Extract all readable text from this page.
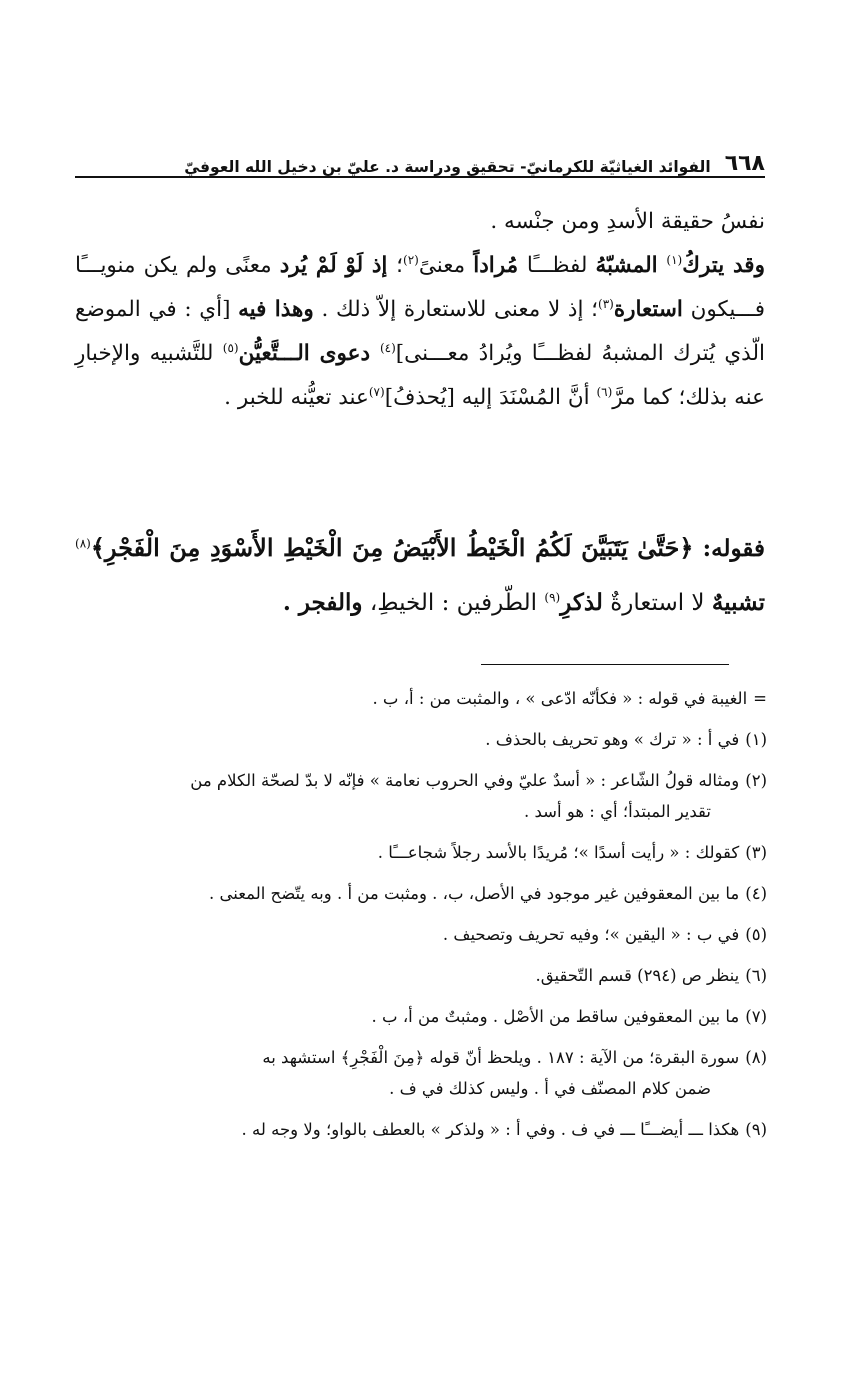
٦٦٨
الفوائد الغياثيّة للكرمانيّ- تحقيق ودراسة د. عليّ بن دخيل الله العوفيّ

نفسُ حقيقة الأسدِ ومن جنْسه .

وقد يتركُ$^{(١)}$ المشبّهُ لفظـــًا مُراداً معنىً$^{(٢)}$؛ إذ لَوْ لَمْ يُرد معنًى ولم يكن منويـــًا فـــيكون استعارة$^{(٣)}$؛ إذ لا معنى للاستعارة إلاّ ذلك . وهذا فيه [أي : في الموضع الّذي يُترك المشبهُ لفظـــًا ويُرادُ معـــنى]$^{(٤)}$ دعوى الـــتَّعيُّن$^{(٥)}$ للتَّشبيه والإخبارِ عنه بذلك؛ كما مرَّ$^{(٦)}$ أنَّ المُسْنَدَ إليه [يُحذفُ]$^{(٧)}$عند تعيُّنه للخبر .

فقوله: ﴿حَتَّىٰ يَتَبَيَّنَ لَكُمُ الْخَيْطُ الأَبْيَضُ مِنَ الْخَيْطِ الأَسْوَدِ مِنَ الْفَجْرِ﴾$^{(٨)}$ تشبيهٌ لا استعارةٌ لذكرِ$^{(٩)}$ الطّرفين : الخيطِ، والفجر .

=الغيبة في قوله : « فكأنّه ادّعى » ، والمثبت من : أ، ب .
(١)في أ : « ترك » وهو تحريف بالحذف .
(٢)ومثاله قولُ الشّاعر : « أسدٌ عليّ وفي الحروب نعامة » فإنّه لا بدّ لصحّة الكلام من
تقدير المبتدأ؛ أي : هو أسد .
(٣)كقولك : « رأيت أسدًا »؛ مُريدًا بالأسد رجلاً شجاعـــًا .
(٤)ما بين المعقوفين غير موجود في الأصل، ب، . ومثبت من أ . وبه يتّضح المعنى .
(٥)في ب : « اليقين »؛ وفيه تحريف وتصحيف .
(٦)ينظر ص (٢٩٤) قسم التّحقيق.
(٧)ما بين المعقوفين ساقط من الأصْل . ومثبتٌ من أ، ب .
(٨)سورة البقرة؛ من الآية : ١٨٧ . ويلحظ أنّ قوله ﴿مِنَ الْفَجْرِ﴾ استشهد به
ضمن كلام المصنّف في أ . وليس كذلك في ف .
(٩)هكذا ـــ أيضـــًا ـــ في ف . وفي أ : « ولذكر » بالعطف بالواو؛ ولا وجه له .
